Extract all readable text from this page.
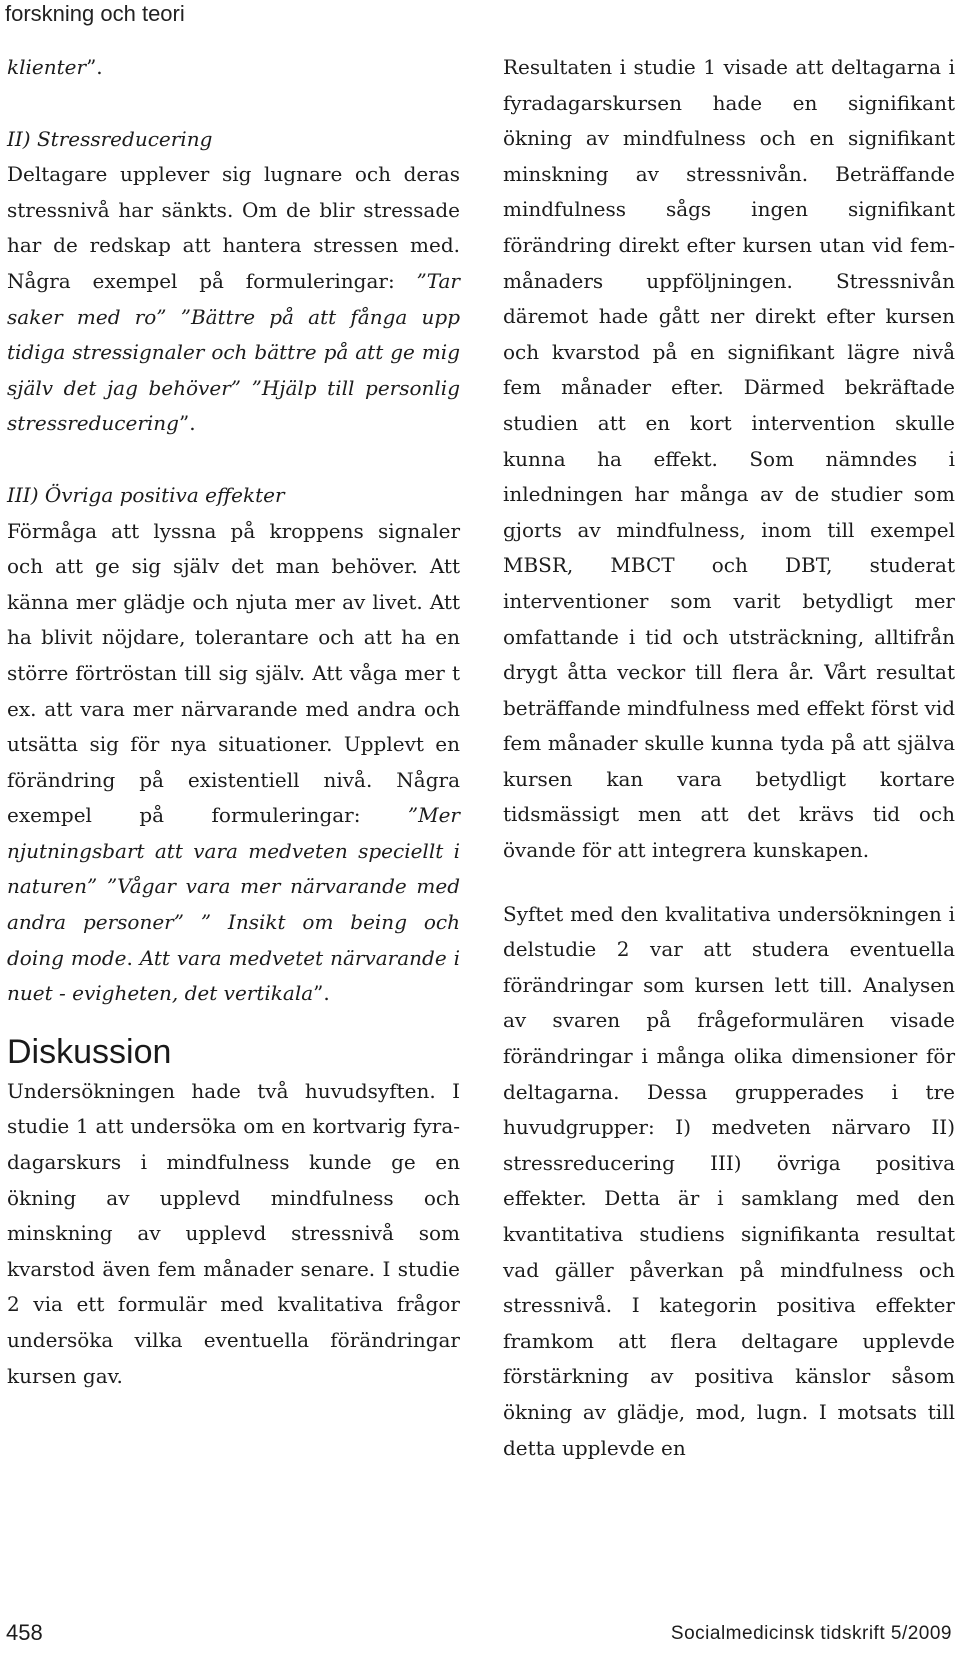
forskning och teori

klienter”.

II) Stressreducering
Deltagare upplever sig lugnare och deras stressnivå har sänkts. Om de blir stressade har de redskap att hantera stressen med. Några exempel på formuleringar: ”Tar saker med ro” ”Bättre på att fånga upp tidiga stressignaler och bättre på att ge mig själv det jag behöver” ”Hjälp till personlig stressreducering”.

III) Övriga positiva effekter
Förmåga att lyssna på kroppens signaler och att ge sig själv det man behöver. Att känna mer glädje och njuta mer av livet. Att ha blivit nöjdare, tolerantare och att ha en större förtröstan till sig själv. Att våga mer t ex. att vara mer närvarande med andra och utsätta sig för nya situationer. Upplevt en förändring på existentiell nivå. Några exempel på formuleringar: ”Mer njutningsbart att vara medveten speciellt i naturen” ”Vågar vara mer närvarande med andra personer” ” Insikt om being och doing mode. Att vara medvetet närvarande i nuet - evigheten, det vertikala”.

Diskussion

Undersökningen hade två huvudsyften. I studie 1 att undersöka om en kortvarig fyra- dagarskurs i mindfulness kunde ge en ökning av upplevd mindfulness och minskning av upplevd stressnivå som kvarstod även fem månader senare. I studie 2 via ett formulär med kvalitativa frågor undersöka vilka eventuella förändringar kursen gav.

Resultaten i studie 1 visade att deltagarna i fyradagarskursen hade en signifikant ökning av mindfulness och en signifikant minskning av stressnivån. Beträffande mindfulness sågs ingen signifikant förändring direkt efter kursen utan vid fem-månaders uppföljningen. Stressnivån däremot hade gått ner direkt efter kursen och kvarstod på en signifikant lägre nivå fem månader efter. Därmed bekräftade studien att en kort intervention skulle kunna ha effekt. Som nämndes i inledningen har många av de studier som gjorts av mindfulness, inom till exempel MBSR, MBCT och DBT, studerat interventioner som varit betydligt mer omfattande i tid och utsträckning, alltifrån drygt åtta veckor till flera år. Vårt resultat beträffande mindfulness med effekt först vid fem månader skulle kunna tyda på att själva kursen kan vara betydligt kortare tidsmässigt men att det krävs tid och övande för att integrera kunskapen.

Syftet med den kvalitativa undersökningen i delstudie 2 var att studera eventuella förändringar som kursen lett till. Analysen av svaren på frågeformulären visade förändringar i många olika dimensioner för deltagarna. Dessa grupperades i tre huvudgrupper: I) medveten närvaro II) stressreducering III) övriga positiva effekter. Detta är i samklang med den kvantitativa studiens signifikanta resultat vad gäller påverkan på mindfulness och stressnivå. I kategorin positiva effekter framkom att flera deltagare upplevde förstärkning av positiva känslor såsom ökning av glädje, mod, lugn. I motsats till detta upplevde en

458	Socialmedicinsk tidskrift 5/2009
